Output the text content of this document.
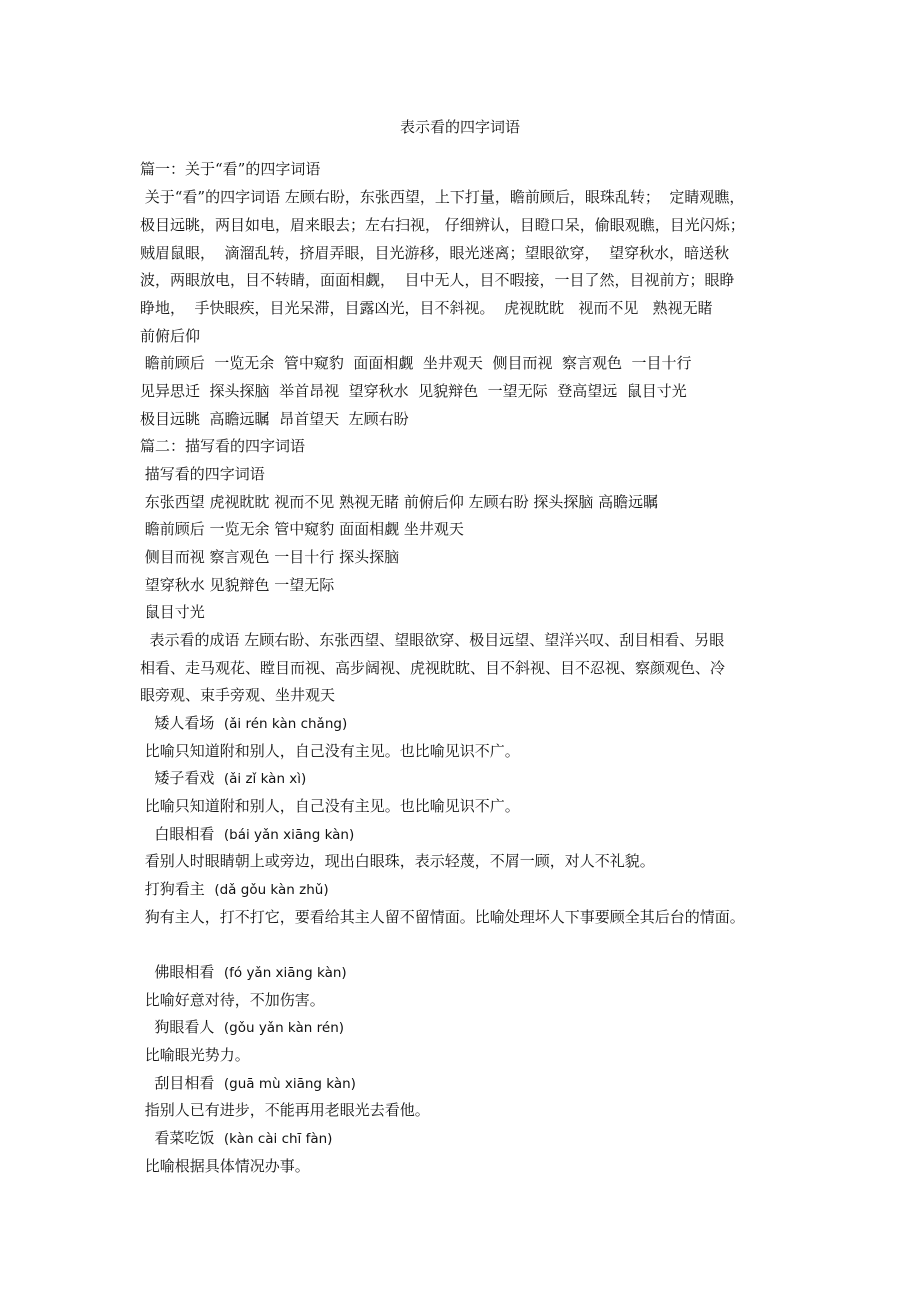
表示看的四字词语
篇一：关于“看”的四字词语
关于“看”的四字词语 左顾右盼，东张西望，上下打量，瞻前顾后，眼珠乱转；  定睛观瞧，
极目远眺，两目如电，眉来眼去；左右扫视， 仔细辨认，目瞪口呆，偷眼观瞧，目光闪烁；
贼眉鼠眼，  滴溜乱转，挤眉弄眼，目光游移，眼光迷离；望眼欲穿，  望穿秋水，暗送秋
波，两眼放电，目不转睛，面面相觑，  目中无人，目不暇接，一目了然，目视前方；眼睁
睁地，  手快眼疾，目光呆滞，目露凶光，目不斜视。  虎视眈眈   视而不见   熟视无睹
前俯后仰
瞻前顾后  一览无余  管中窥豹  面面相觑  坐井观天  侧目而视  察言观色  一目十行
见异思迁  探头探脑  举首昂视  望穿秋水  见貌辩色  一望无际  登高望远  鼠目寸光
极目远眺  高瞻远瞩  昂首望天  左顾右盼
篇二：描写看的四字词语
描写看的四字词语
东张西望 虎视眈眈 视而不见 熟视无睹 前俯后仰 左顾右盼 探头探脑 高瞻远瞩
瞻前顾后 一览无余 管中窥豹 面面相觑 坐井观天
侧目而视 察言观色 一目十行 探头探脑
望穿秋水 见貌辩色 一望无际
鼠目寸光
表示看的成语 左顾右盼、东张西望、望眼欲穿、极目远望、望洋兴叹、刮目相看、另眼
相看、走马观花、瞠目而视、高步阔视、虎视眈眈、目不斜视、目不忍视、察颜观色、冷
眼旁观、束手旁观、坐井观天
矮人看场 (ǎi rén kàn chǎng)
比喻只知道附和别人，自己没有主见。也比喻见识不广。
矮子看戏 (ǎi zǐ kàn xì)
比喻只知道附和别人，自己没有主见。也比喻见识不广。
白眼相看 (bái yǎn xiāng kàn)
看别人时眼睛朝上或旁边，现出白眼珠，表示轻蔑，不屑一顾，对人不礼貌。
打狗看主 (dǎ gǒu kàn zhǔ)
狗有主人，打不打它，要看给其主人留不留情面。比喻处理坏人下事要顾全其后台的情面。
佛眼相看 (fó yǎn xiāng kàn)
比喻好意对待，不加伤害。
狗眼看人 (gǒu yǎn kàn rén)
比喻眼光势力。
刮目相看 (guā mù xiāng kàn)
指别人已有进步，不能再用老眼光去看他。
看菜吃饭 (kàn cài chī fàn)
比喻根据具体情况办事。
